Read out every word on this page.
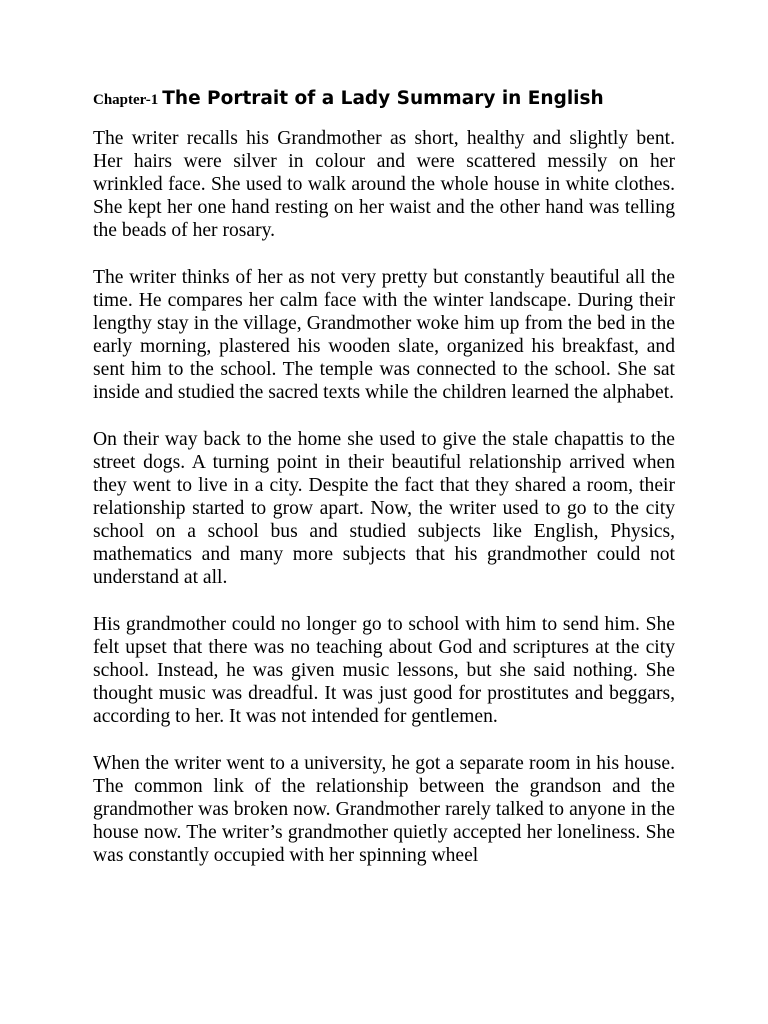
Chapter-1 The Portrait of a Lady Summary in English

The writer recalls his Grandmother as short, healthy and slightly bent. Her hairs were silver in colour and were scattered messily on her wrinkled face. She used to walk around the whole house in white clothes. She kept her one hand resting on her waist and the other hand was telling the beads of her rosary.

The writer thinks of her as not very pretty but constantly beautiful all the time. He compares her calm face with the winter landscape. During their lengthy stay in the village, Grandmother woke him up from the bed in the early morning, plastered his wooden slate, organized his breakfast, and sent him to the school. The temple was connected to the school. She sat inside and studied the sacred texts while the children learned the alphabet.

On their way back to the home she used to give the stale chapattis to the street dogs. A turning point in their beautiful relationship arrived when they went to live in a city. Despite the fact that they shared a room, their relationship started to grow apart. Now, the writer used to go to the city school on a school bus and studied subjects like English, Physics, mathematics and many more subjects that his grandmother could not understand at all.

His grandmother could no longer go to school with him to send him. She felt upset that there was no teaching about God and scriptures at the city school. Instead, he was given music lessons, but she said nothing. She thought music was dreadful. It was just good for prostitutes and beggars, according to her. It was not intended for gentlemen.

When the writer went to a university, he got a separate room in his house. The common link of the relationship between the grandson and the grandmother was broken now. Grandmother rarely talked to anyone in the house now. The writer’s grandmother quietly accepted her loneliness. She was constantly occupied with her spinning wheel
